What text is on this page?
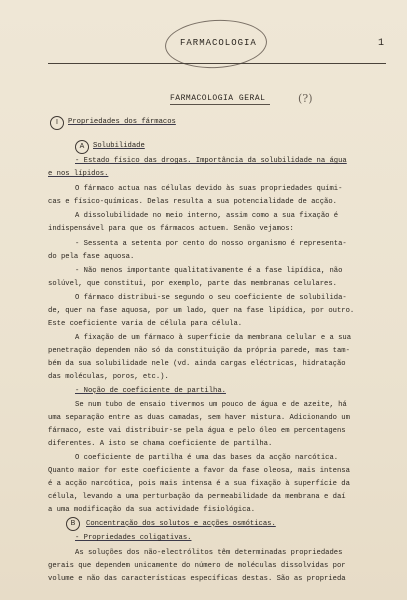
FARMACOLOGIA	1
FARMACOLOGIA GERAL	(?)
I	Propriedades dos fármacos
A	Solubilidade
- Estado físico das drogas. Importância da solubilidade na água
e nos lípidos.
O fármaco actua nas células devido às suas propriedades quími-
cas e físico-químicas. Delas resulta a sua potencialidade de acção.
A dissolubilidade no meio interno, assim como a sua fixação é
indispensável para que os fármacos actuem. Senão vejamos:
- Sessenta a setenta por cento do nosso organismo é representa-
do pela fase aquosa.
- Não menos importante qualitativamente é a fase lipídica, não
solúvel, que constitui, por exemplo, parte das membranas celulares.
O fármaco distribui-se segundo o seu coeficiente de solubilida-
de, quer na fase aquosa, por um lado, quer na fase lipídica, por outro.
Este coeficiente varia de célula para célula.
A fixação de um fármaco à superfície da membrana celular e a sua
penetração dependem não só da constituição da própria parede, mas tam-
bém da sua solubilidade nele (vd. ainda cargas eléctricas, hidratação
das moléculas, poros, etc.).
- Noção de coeficiente de partilha.
Se num tubo de ensaio tivermos um pouco de água e de azeite, há
uma separação entre as duas camadas, sem haver mistura. Adicionando um
fármaco, este vai distribuir-se pela água e pelo óleo em percentagens
diferentes. A isto se chama coeficiente de partilha.
O coeficiente de partilha é uma das bases da acção narcótica.
Quanto maior for este coeficiente a favor da fase oleosa, mais intensa
é a acção narcótica, pois mais intensa é a sua fixação à superfície da
célula, levando a uma perturbação da permeabilidade da membrana e daí
a uma modificação da sua actividade fisiológica.
B	Concentração dos solutos e acções osmóticas.
- Propriedades coligativas.
As soluções dos não-electrólitos têm determinadas propriedades
gerais que dependem unicamente do número de moléculas dissolvidas por
volume e não das características específicas destas. São as proprieda
